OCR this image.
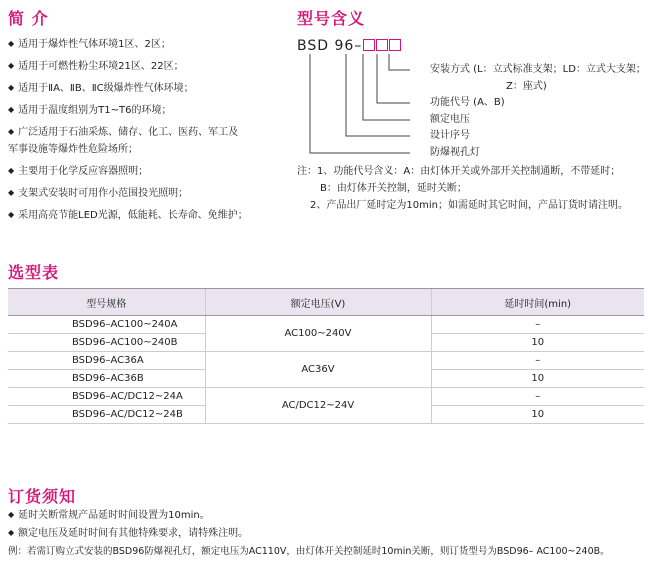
简 介
◆ 适用于爆炸性气体环境1区、2区；
◆ 适用于可燃性粉尘环境21区、22区；
◆ 适用于ⅡA、ⅡB、ⅡC级爆炸性气体环境；
◆ 适用于温度组别为T1~T6的环境；
◆ 广泛适用于石油采炼、储存、化工、医药、军工及
军事设施等爆炸性危险场所；
◆ 主要用于化学反应容器照明；
◆ 支架式安装时可用作小范围投光照明；
◆ 采用高亮节能LED光源，低能耗、长寿命、免维护；
型号含义
BSD 96–
安装方式 (L：立式标准支架；LD：立式大支架；
Z：座式)
功能代号 (A、B)
额定电压
设计序号
防爆视孔灯
注：1、功能代号含义：A：由灯体开关或外部开关控制通断，不带延时；
B：由灯体开关控制，延时关断；
2、产品出厂延时定为10min；如需延时其它时间，产品订货时请注明。
选型表
型号规格	额定电压(V)	延时时间(min)
BSD96–AC100~240A	AC100~240V	–
BSD96–AC100~240B		10
BSD96–AC36A	AC36V	–
BSD96–AC36B		10
BSD96–AC/DC12~24A	AC/DC12~24V	–
BSD96–AC/DC12~24B		10
订货须知
◆ 延时关断常规产品延时时间设置为10min。
◆ 额定电压及延时时间有其他特殊要求，请特殊注明。
例：若需订购立式安装的BSD96防爆视孔灯，额定电压为AC110V，由灯体开关控制延时10min关断，则订货型号为BSD96– AC100~240B。
